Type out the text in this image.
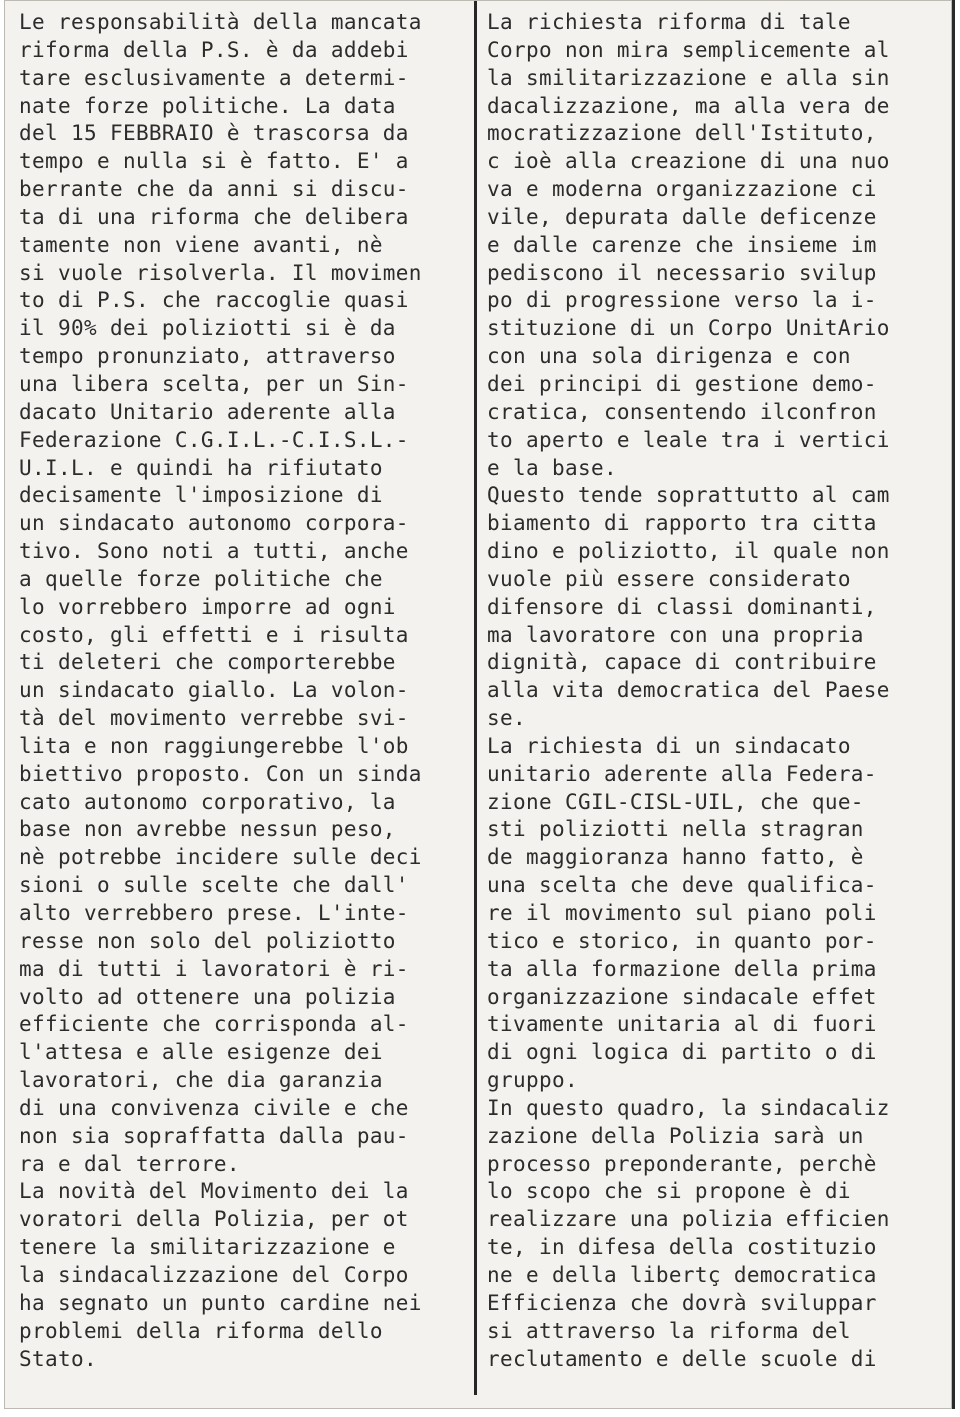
Le responsabilità della mancata
riforma della P.S. è da addebi
tare esclusivamente a determi-
nate forze politiche. La data
del 15 FEBBRAIO è trascorsa da
tempo e nulla si è fatto. E' a
berrante che da anni si discu-
ta di una riforma che delibera
tamente non viene avanti, nè
si vuole risolverla. Il movimen
to di P.S. che raccoglie quasi
il 90% dei poliziotti si è da
tempo pronunziato, attraverso
una libera scelta, per un Sin-
dacato Unitario aderente alla
Federazione C.G.I.L.-C.I.S.L.-
U.I.L. e quindi ha rifiutato
decisamente l'imposizione di
un sindacato autonomo corpora-
tivo. Sono noti a tutti, anche
a quelle forze politiche che
lo vorrebbero imporre ad ogni
costo, gli effetti e i risulta
ti deleteri che comporterebbe
un sindacato giallo. La volon-
tà del movimento verrebbe svi-
lita e non raggiungerebbe l'ob
biettivo proposto. Con un sinda
cato autonomo corporativo, la
base non avrebbe nessun peso,
nè potrebbe incidere sulle deci
sioni o sulle scelte che dall'
alto verrebbero prese. L'inte-
resse non solo del poliziotto
ma di tutti i lavoratori è ri-
volto ad ottenere una polizia
efficiente che corrisponda al-
l'attesa e alle esigenze dei
lavoratori, che dia garanzia
di una convivenza civile e che
non sia sopraffatta dalla pau-
ra e dal terrore.
La novità del Movimento dei la
voratori della Polizia, per ot
tenere la smilitarizzazione e
la sindacalizzazione del Corpo
ha segnato un punto cardine nei
problemi della riforma dello
Stato.
La richiesta riforma di tale
Corpo non mira semplicemente al
la smilitarizzazione e alla sin
dacalizzazione, ma alla vera de
mocratizzazione dell'Istituto,
c ioè alla creazione di una nuo
va e moderna organizzazione ci
vile, depurata dalle deficenze
e dalle carenze che insieme im
pediscono il necessario svilup
po di progressione verso la i-
stituzione di un Corpo UnitArio
con una sola dirigenza e con
dei principi di gestione demo-
cratica, consentendo ilconfron
to aperto e leale tra i vertici
e la base.
Questo tende soprattutto al cam
biamento di rapporto tra citta
dino e poliziotto, il quale non
vuole più essere considerato
difensore di classi dominanti,
ma lavoratore con una propria
dignità, capace di contribuire
alla vita democratica del Paese
se.
La richiesta di un sindacato
unitario aderente alla Federa-
zione CGIL-CISL-UIL, che que-
sti poliziotti nella stragran
de maggioranza hanno fatto, è
una scelta che deve qualifica-
re il movimento sul piano poli
tico e storico, in quanto por-
ta alla formazione della prima
organizzazione sindacale effet
tivamente unitaria al di fuori
di ogni logica di partito o di
gruppo.
In questo quadro, la sindacaliz
zazione della Polizia sarà un
processo preponderante, perchè
lo scopo che si propone è di
realizzare una polizia efficien
te, in difesa della costituzio
ne e della libertç democratica
Efficienza che dovrà sviluppar
si attraverso la riforma del
reclutamento e delle scuole di
